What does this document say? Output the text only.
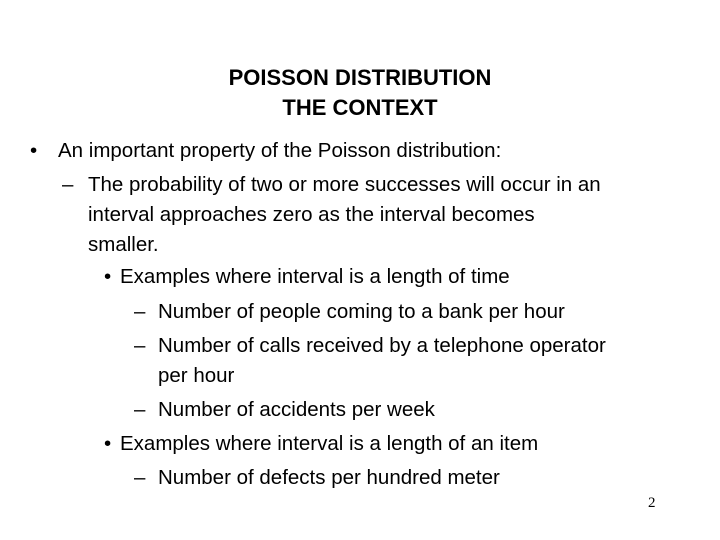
POISSON DISTRIBUTION
THE CONTEXT
• An important property of the Poisson distribution:
– The probability of two or more successes will occur in an
interval approaches zero as the interval becomes
smaller.
• Examples where interval is a length of time
– Number of people coming to a bank per hour
– Number of calls received by a telephone operator
per hour
– Number of accidents per week
• Examples where interval is a length of an item
– Number of defects per hundred meter
2
